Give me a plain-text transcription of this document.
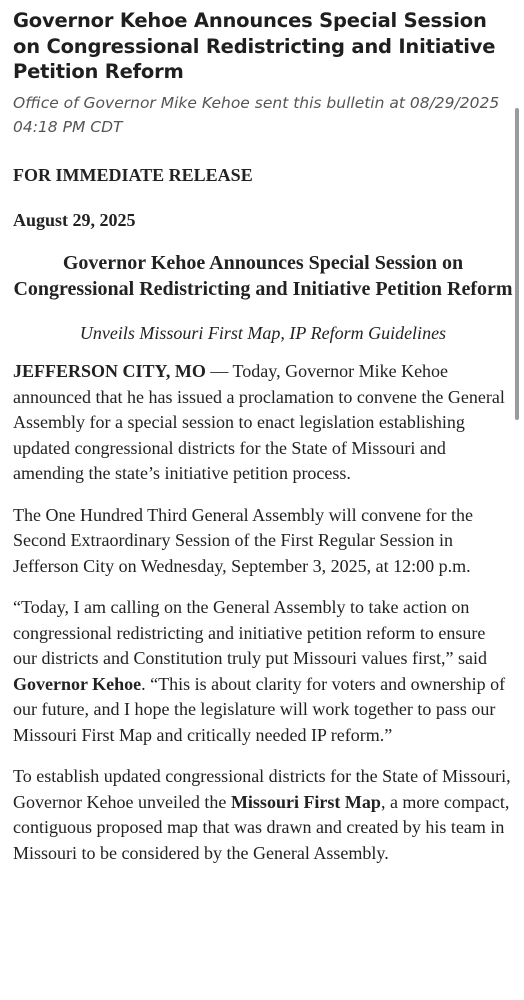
Governor Kehoe Announces Special Session on Congressional Redistricting and Initiative Petition Reform
Office of Governor Mike Kehoe sent this bulletin at 08/29/2025 04:18 PM CDT

FOR IMMEDIATE RELEASE

August 29, 2025

Governor Kehoe Announces Special Session on Congressional Redistricting and Initiative Petition Reform

Unveils Missouri First Map, IP Reform Guidelines

JEFFERSON CITY, MO — Today, Governor Mike Kehoe announced that he has issued a proclamation to convene the General Assembly for a special session to enact legislation establishing updated congressional districts for the State of Missouri and amending the state’s initiative petition process.

The One Hundred Third General Assembly will convene for the Second Extraordinary Session of the First Regular Session in Jefferson City on Wednesday, September 3, 2025, at 12:00 p.m.

“Today, I am calling on the General Assembly to take action on congressional redistricting and initiative petition reform to ensure our districts and Constitution truly put Missouri values first,” said Governor Kehoe. “This is about clarity for voters and ownership of our future, and I hope the legislature will work together to pass our Missouri First Map and critically needed IP reform.”

To establish updated congressional districts for the State of Missouri, Governor Kehoe unveiled the Missouri First Map, a more compact, contiguous proposed map that was drawn and created by his team in Missouri to be considered by the General Assembly.
